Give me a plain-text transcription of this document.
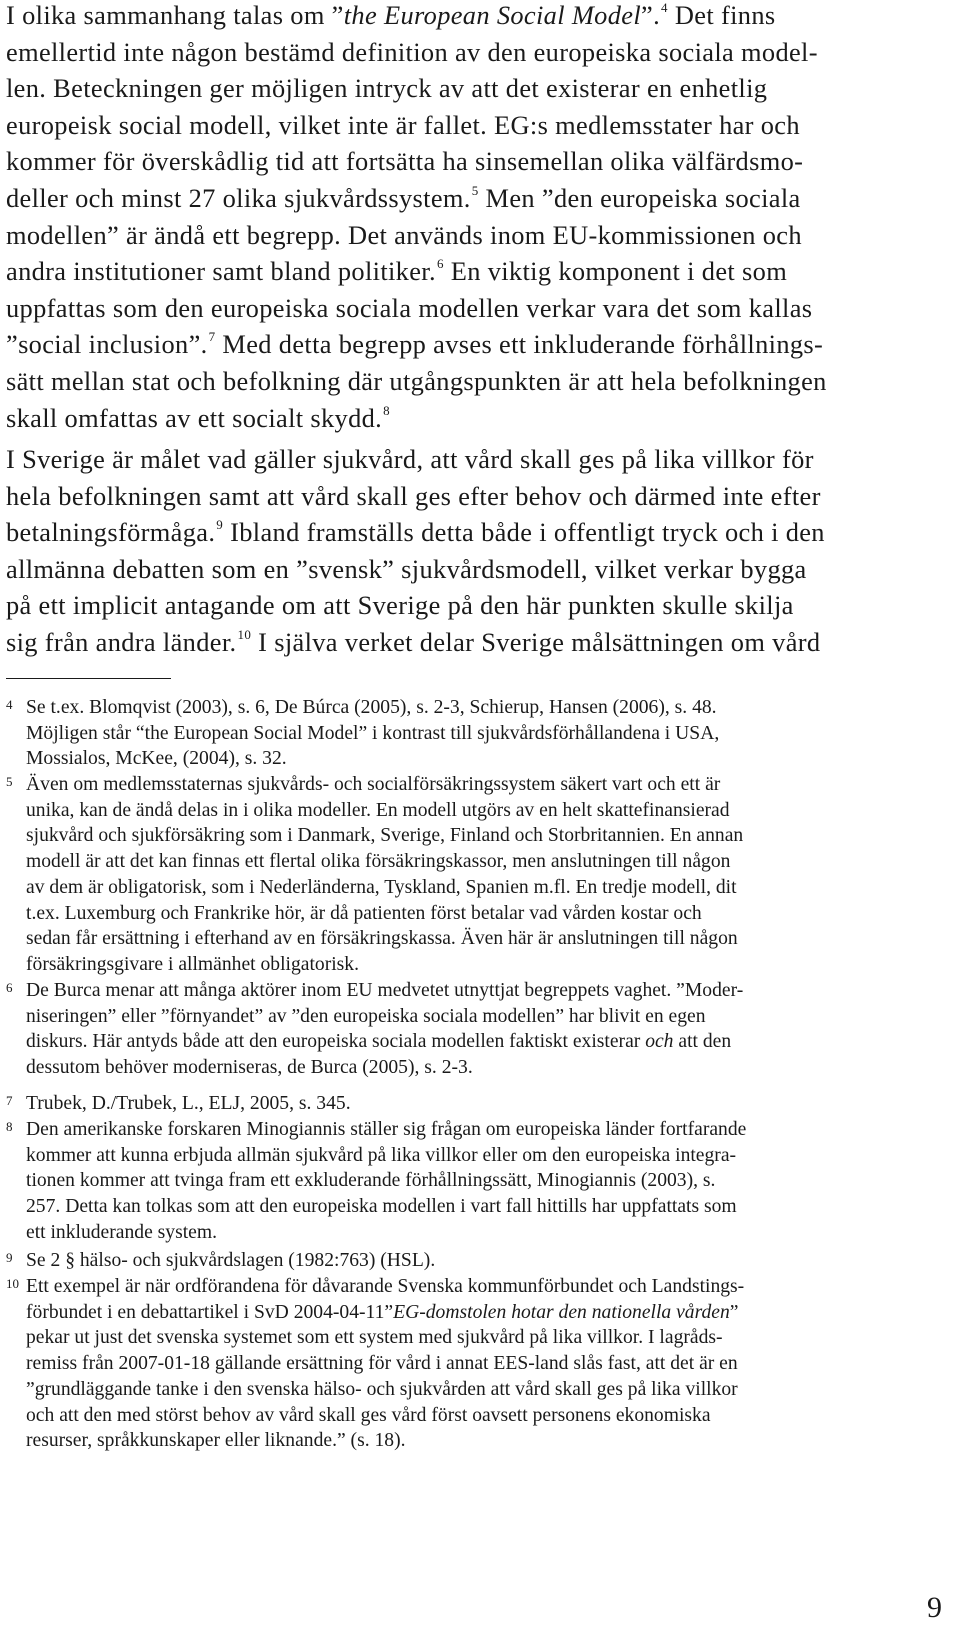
I olika sammanhang talas om ”the European Social Model”.$^4$ Det finns
emellertid inte någon bestämd definition av den europeiska sociala model-
len. Beteckningen ger möjligen intryck av att det existerar en enhetlig
europeisk social modell, vilket inte är fallet. EG:s medlemsstater har och
kommer för överskådlig tid att fortsätta ha sinsemellan olika välfärdsmo-
deller och minst 27 olika sjukvårdssystem.$^5$ Men ”den europeiska sociala
modellen” är ändå ett begrepp. Det används inom EU-kommissionen och
andra institutioner samt bland politiker.$^6$ En viktig komponent i det som
uppfattas som den europeiska sociala modellen verkar vara det som kallas
”social inclusion”.$^7$ Med detta begrepp avses ett inkluderande förhållnings-
sätt mellan stat och befolkning där utgångspunkten är att hela befolkningen
skall omfattas av ett socialt skydd.$^8$
I Sverige är målet vad gäller sjukvård, att vård skall ges på lika villkor för
hela befolkningen samt att vård skall ges efter behov och därmed inte efter
betalningsförmåga.$^9$ Ibland framställs detta både i offentligt tryck och i den
allmänna debatten som en ”svensk” sjukvårdsmodell, vilket verkar bygga
på ett implicit antagande om att Sverige på den här punkten skulle skilja
sig från andra länder.$^{10}$ I själva verket delar Sverige målsättningen om vård
4 Se t.ex. Blomqvist (2003), s. 6, De Búrca (2005), s. 2-3, Schierup, Hansen (2006), s. 48.
Möjligen står “the European Social Model” i kontrast till sjukvårdsförhållandena i USA,
Mossialos, McKee, (2004), s. 32.
5 Även om medlemsstaternas sjukvårds- och socialförsäkringssystem säkert vart och ett är
unika, kan de ändå delas in i olika modeller. En modell utgörs av en helt skattefinansierad
sjukvård och sjukförsäkring som i Danmark, Sverige, Finland och Storbritannien. En annan
modell är att det kan finnas ett flertal olika försäkringskassor, men anslutningen till någon
av dem är obligatorisk, som i Nederländerna, Tyskland, Spanien m.fl. En tredje modell, dit
t.ex. Luxemburg och Frankrike hör, är då patienten först betalar vad vården kostar och
sedan får ersättning i efterhand av en försäkringskassa. Även här är anslutningen till någon
försäkringsgivare i allmänhet obligatorisk.
6 De Burca menar att många aktörer inom EU medvetet utnyttjat begreppets vaghet. ”Moder-
niseringen” eller ”förnyandet” av ”den europeiska sociala modellen” har blivit en egen
diskurs. Här antyds både att den europeiska sociala modellen faktiskt existerar och att den
dessutom behöver moderniseras, de Burca (2005), s. 2-3.
7 Trubek, D./Trubek, L., ELJ, 2005, s. 345.
8 Den amerikanske forskaren Minogiannis ställer sig frågan om europeiska länder fortfarande
kommer att kunna erbjuda allmän sjukvård på lika villkor eller om den europeiska integra-
tionen kommer att tvinga fram ett exkluderande förhållningssätt, Minogiannis (2003), s.
257. Detta kan tolkas som att den europeiska modellen i vart fall hittills har uppfattats som
ett inkluderande system.
9 Se 2 § hälso- och sjukvårdslagen (1982:763) (HSL).
10 Ett exempel är när ordförandena för dåvarande Svenska kommunförbundet och Landstings-
förbundet i en debattartikel i SvD 2004-04-11”EG-domstolen hotar den nationella vården”
pekar ut just det svenska systemet som ett system med sjukvård på lika villkor. I lagråds-
remiss från 2007-01-18 gällande ersättning för vård i annat EES-land slås fast, att det är en
”grundläggande tanke i den svenska hälso- och sjukvården att vård skall ges på lika villkor
och att den med störst behov av vård skall ges vård först oavsett personens ekonomiska
resurser, språkkunskaper eller liknande.” (s. 18).
9
